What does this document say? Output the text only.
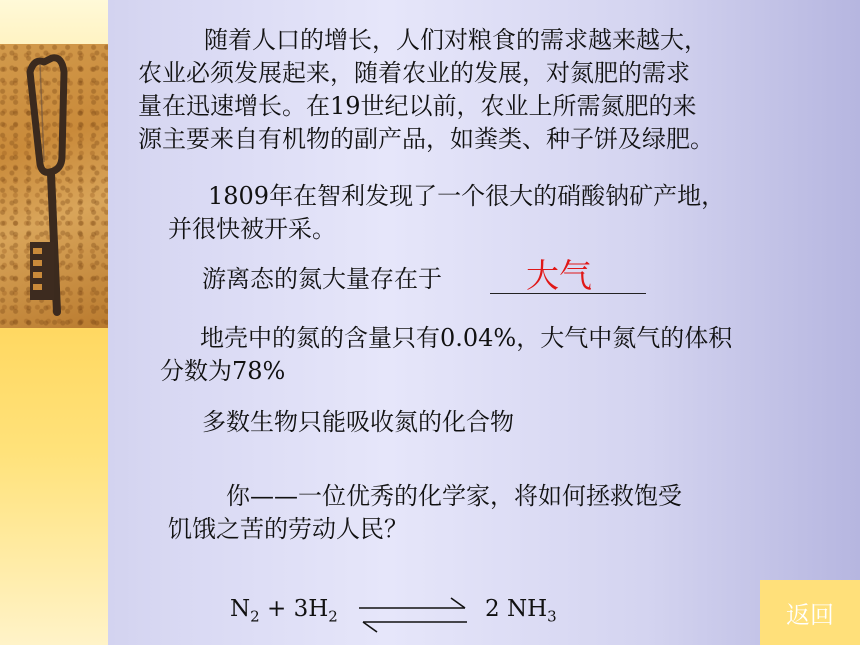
随着人口的增长，人们对粮食的需求越来越大，
农业必须发展起来，随着农业的发展，对氮肥的需求
量在迅速增长。在19世纪以前，农业上所需氮肥的来
源主要来自有机物的副产品，如粪类、种子饼及绿肥。
1809年在智利发现了一个很大的硝酸钠矿产地，
并很快被开采。
游离态的氮大量存在于	大气
地壳中的氮的含量只有0.04%，大气中氮气的体积
分数为78%
多数生物只能吸收氮的化合物
你——一位优秀的化学家，将如何拯救饱受
饥饿之苦的劳动人民？
$N_2 + 3H_2$	2 $NH_3$	返回
